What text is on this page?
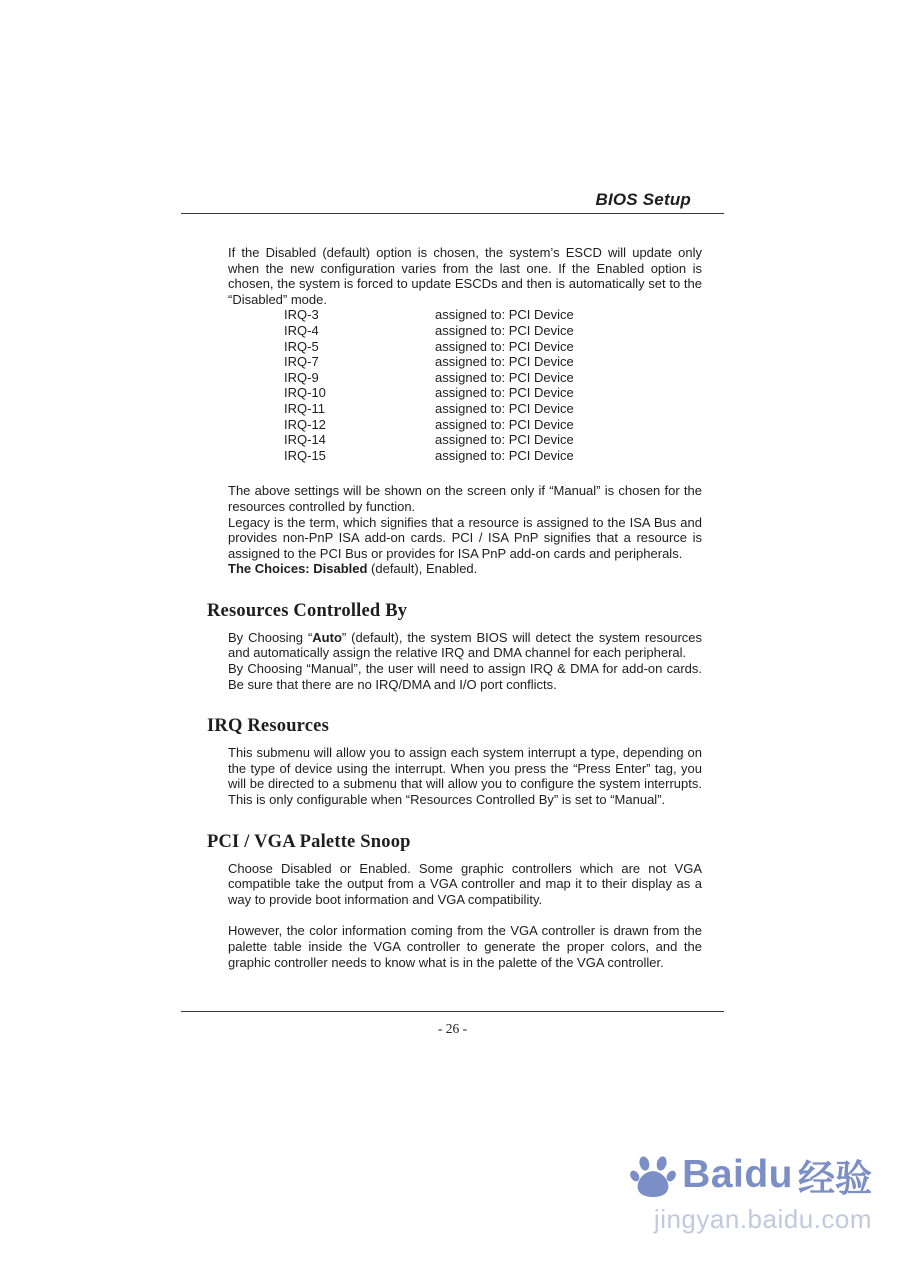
BIOS Setup

If the Disabled (default) option is chosen, the system’s ESCD will update only when the new configuration varies from the last one. If the Enabled option is chosen, the system is forced to update ESCDs and then is automatically set to the “Disabled” mode.

IRQ-3	assigned to: PCI Device
IRQ-4	assigned to: PCI Device
IRQ-5	assigned to: PCI Device
IRQ-7	assigned to: PCI Device
IRQ-9	assigned to: PCI Device
IRQ-10	assigned to: PCI Device
IRQ-11	assigned to: PCI Device
IRQ-12	assigned to: PCI Device
IRQ-14	assigned to: PCI Device
IRQ-15	assigned to: PCI Device

The above settings will be shown on the screen only if “Manual” is chosen for the resources controlled by function.

Legacy is the term, which signifies that a resource is assigned to the ISA Bus and provides non-PnP ISA add-on cards. PCI / ISA PnP signifies that a resource is assigned to the PCI Bus or provides for ISA PnP add-on cards and peripherals.

The Choices: Disabled (default), Enabled.

Resources Controlled By

By Choosing “Auto” (default), the system BIOS will detect the system resources and automatically assign the relative IRQ and DMA channel for each peripheral.

By Choosing “Manual”, the user will need to assign IRQ & DMA for add-on cards. Be sure that there are no IRQ/DMA and I/O port conflicts.

IRQ Resources

This submenu will allow you to assign each system interrupt a type, depending on the type of device using the interrupt. When you press the “Press Enter” tag, you will be directed to a submenu that will allow you to configure the system interrupts. This is only configurable when “Resources Controlled By” is set to “Manual”.

PCI / VGA Palette Snoop

Choose Disabled or Enabled. Some graphic controllers which are not VGA compatible take the output from a VGA controller and map it to their display as a way to provide boot information and VGA compatibility.

However, the color information coming from the VGA controller is drawn from the palette table inside the VGA controller to generate the proper colors, and the graphic controller needs to know what is in the palette of the VGA controller.

- 26 -
Baidu 经验
jingyan.baidu.com
